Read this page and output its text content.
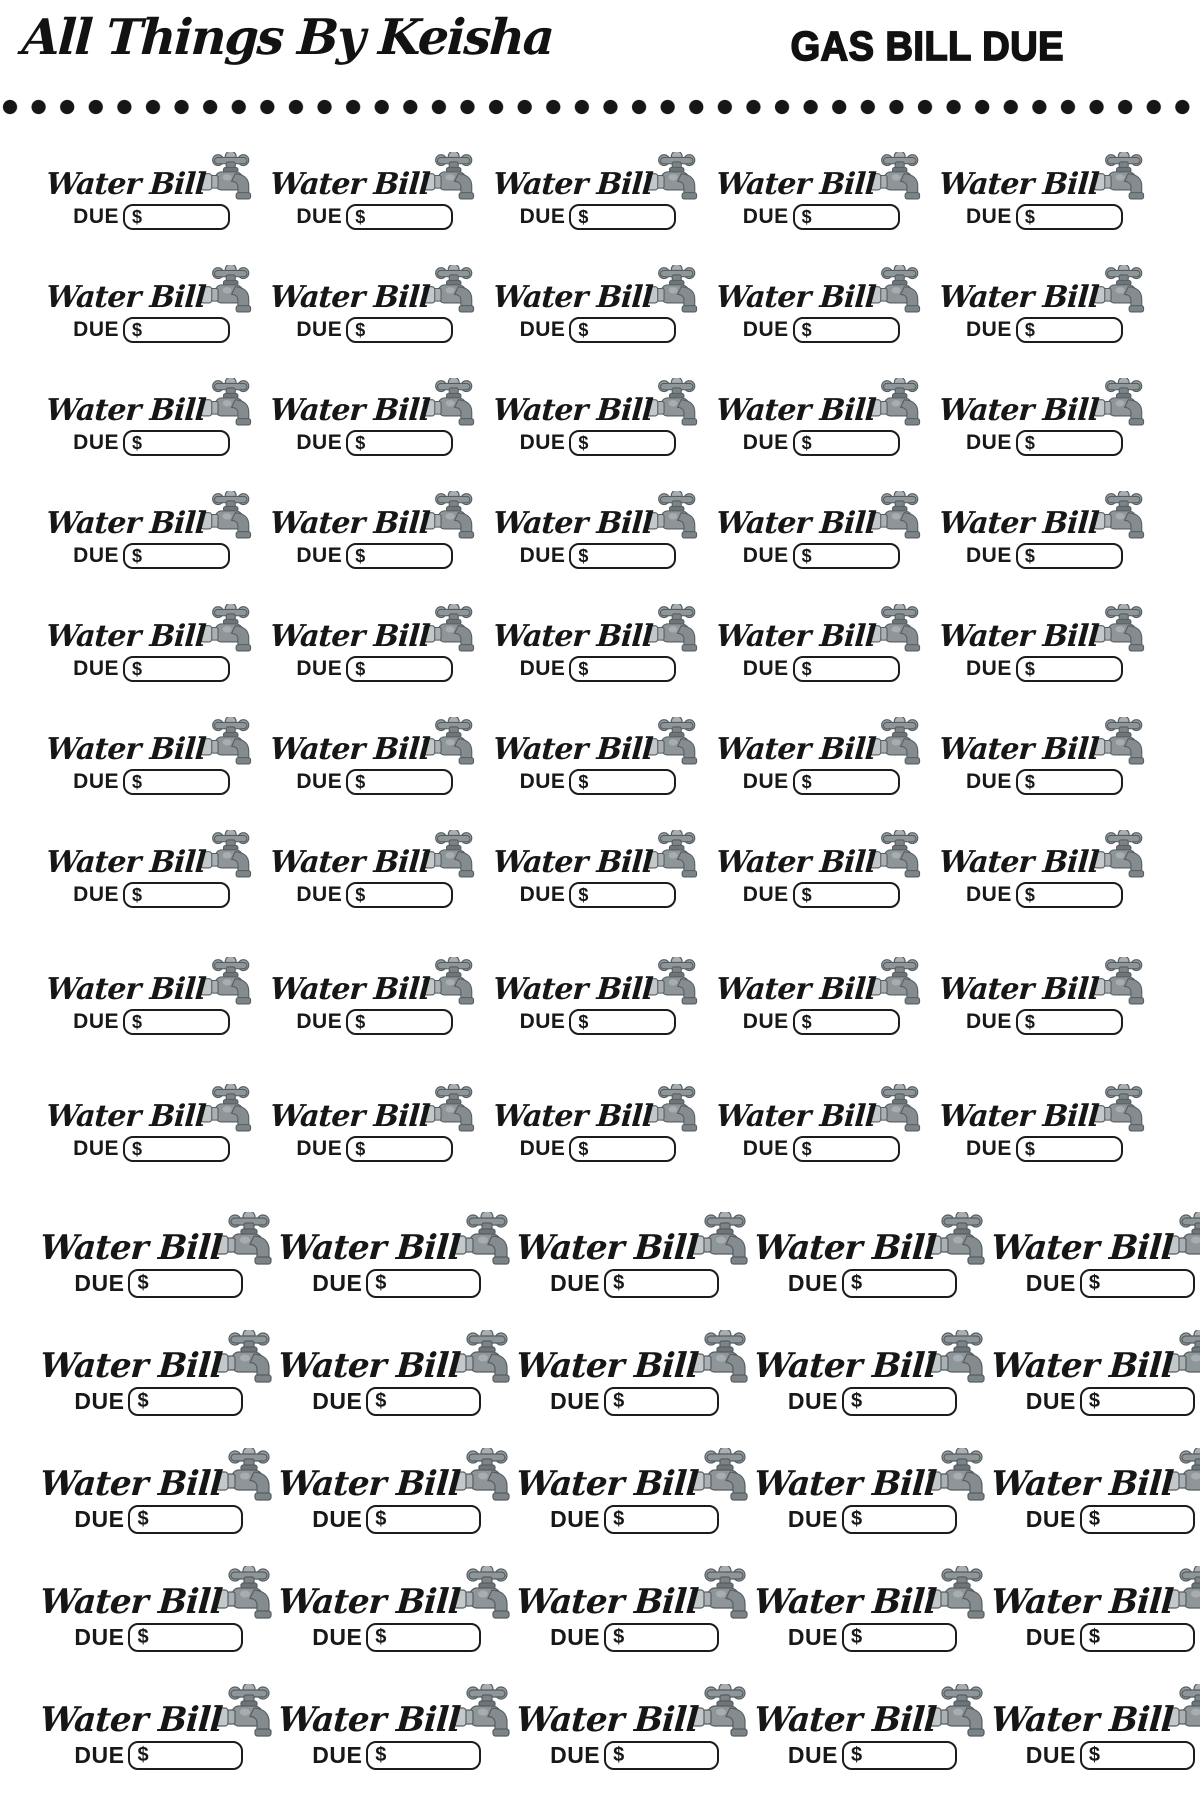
All Things By Keisha	GAS BILL DUE
Water Bill
DUE $
Water Bill
DUE $
Water Bill
DUE $
Water Bill
DUE $
Water Bill
DUE $
Water Bill
DUE $
Water Bill
DUE $
Water Bill
DUE $
Water Bill
DUE $
Water Bill
DUE $
Water Bill
DUE $
Water Bill
DUE $
Water Bill
DUE $
Water Bill
DUE $
Water Bill
DUE $
Water Bill
DUE $
Water Bill
DUE $
Water Bill
DUE $
Water Bill
DUE $
Water Bill
DUE $
Water Bill
DUE $
Water Bill
DUE $
Water Bill
DUE $
Water Bill
DUE $
Water Bill
DUE $
Water Bill
DUE $
Water Bill
DUE $
Water Bill
DUE $
Water Bill
DUE $
Water Bill
DUE $
Water Bill
DUE $
Water Bill
DUE $
Water Bill
DUE $
Water Bill
DUE $
Water Bill
DUE $
Water Bill
DUE $
Water Bill
DUE $
Water Bill
DUE $
Water Bill
DUE $
Water Bill
DUE $
Water Bill
DUE $
Water Bill
DUE $
Water Bill
DUE $
Water Bill
DUE $
Water Bill
DUE $
Water Bill
DUE $
Water Bill
DUE $
Water Bill
DUE $
Water Bill
DUE $
Water Bill
DUE $
Water Bill
DUE $
Water Bill
DUE $
Water Bill
DUE $
Water Bill
DUE $
Water Bill
DUE $
Water Bill
DUE $
Water Bill
DUE $
Water Bill
DUE $
Water Bill
DUE $
Water Bill
DUE $
Water Bill
DUE $
Water Bill
DUE $
Water Bill
DUE $
Water Bill
DUE $
Water Bill
DUE $
Water Bill
DUE $
Water Bill
DUE $
Water Bill
DUE $
Water Bill
DUE $
Water Bill
DUE $
